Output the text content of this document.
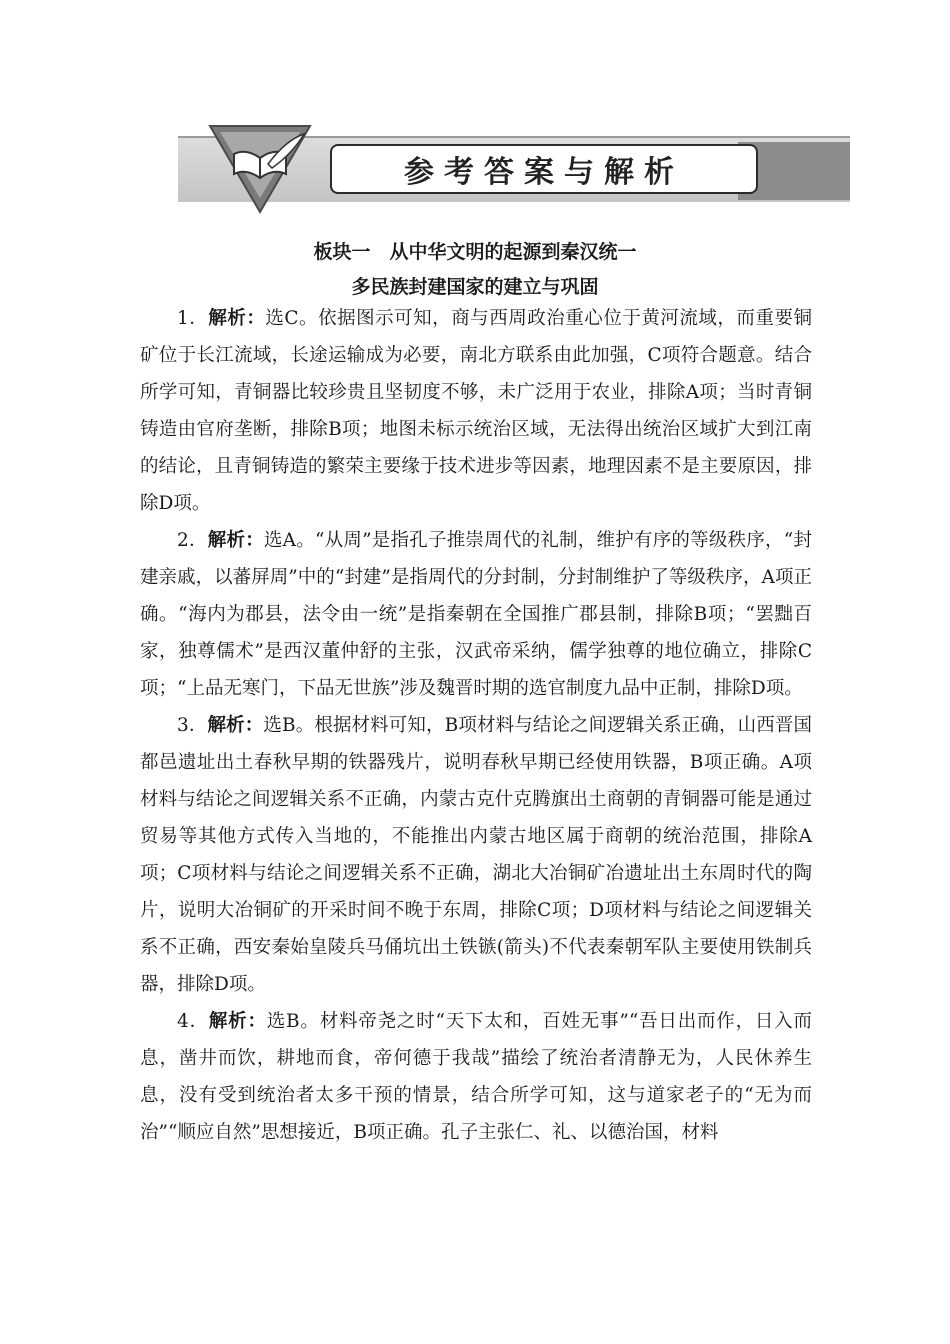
参考答案与解析
板块一　从中华文明的起源到秦汉统一
多民族封建国家的建立与巩固

1．解析：选C。依据图示可知，商与西周政治重心位于黄河流域，而重要铜矿位于长江流域，长途运输成为必要，南北方联系由此加强，C项符合题意。结合所学可知，青铜器比较珍贵且坚韧度不够，未广泛用于农业，排除A项；当时青铜铸造由官府垄断，排除B项；地图未标示统治区域，无法得出统治区域扩大到江南的结论，且青铜铸造的繁荣主要缘于技术进步等因素，地理因素不是主要原因，排除D项。

2．解析：选A。“从周”是指孔子推崇周代的礼制，维护有序的等级秩序，“封建亲戚，以蕃屏周”中的“封建”是指周代的分封制，分封制维护了等级秩序，A项正确。“海内为郡县，法令由一统”是指秦朝在全国推广郡县制，排除B项；“罢黜百家，独尊儒术”是西汉董仲舒的主张，汉武帝采纳，儒学独尊的地位确立，排除C项；“上品无寒门，下品无世族”涉及魏晋时期的选官制度九品中正制，排除D项。

3．解析：选B。根据材料可知，B项材料与结论之间逻辑关系正确，山西晋国都邑遗址出土春秋早期的铁器残片，说明春秋早期已经使用铁器，B项正确。A项材料与结论之间逻辑关系不正确，内蒙古克什克腾旗出土商朝的青铜器可能是通过贸易等其他方式传入当地的，不能推出内蒙古地区属于商朝的统治范围，排除A项；C项材料与结论之间逻辑关系不正确，湖北大冶铜矿冶遗址出土东周时代的陶片，说明大冶铜矿的开采时间不晚于东周，排除C项；D项材料与结论之间逻辑关系不正确，西安秦始皇陵兵马俑坑出土铁镞(箭头)不代表秦朝军队主要使用铁制兵器，排除D项。

4．解析：选B。材料帝尧之时“天下太和，百姓无事”“吾日出而作，日入而息，凿井而饮，耕地而食，帝何德于我哉”描绘了统治者清静无为，人民休养生息，没有受到统治者太多干预的情景，结合所学可知，这与道家老子的“无为而治”“顺应自然”思想接近，B项正确。孔子主张仁、礼、以德治国，材料
